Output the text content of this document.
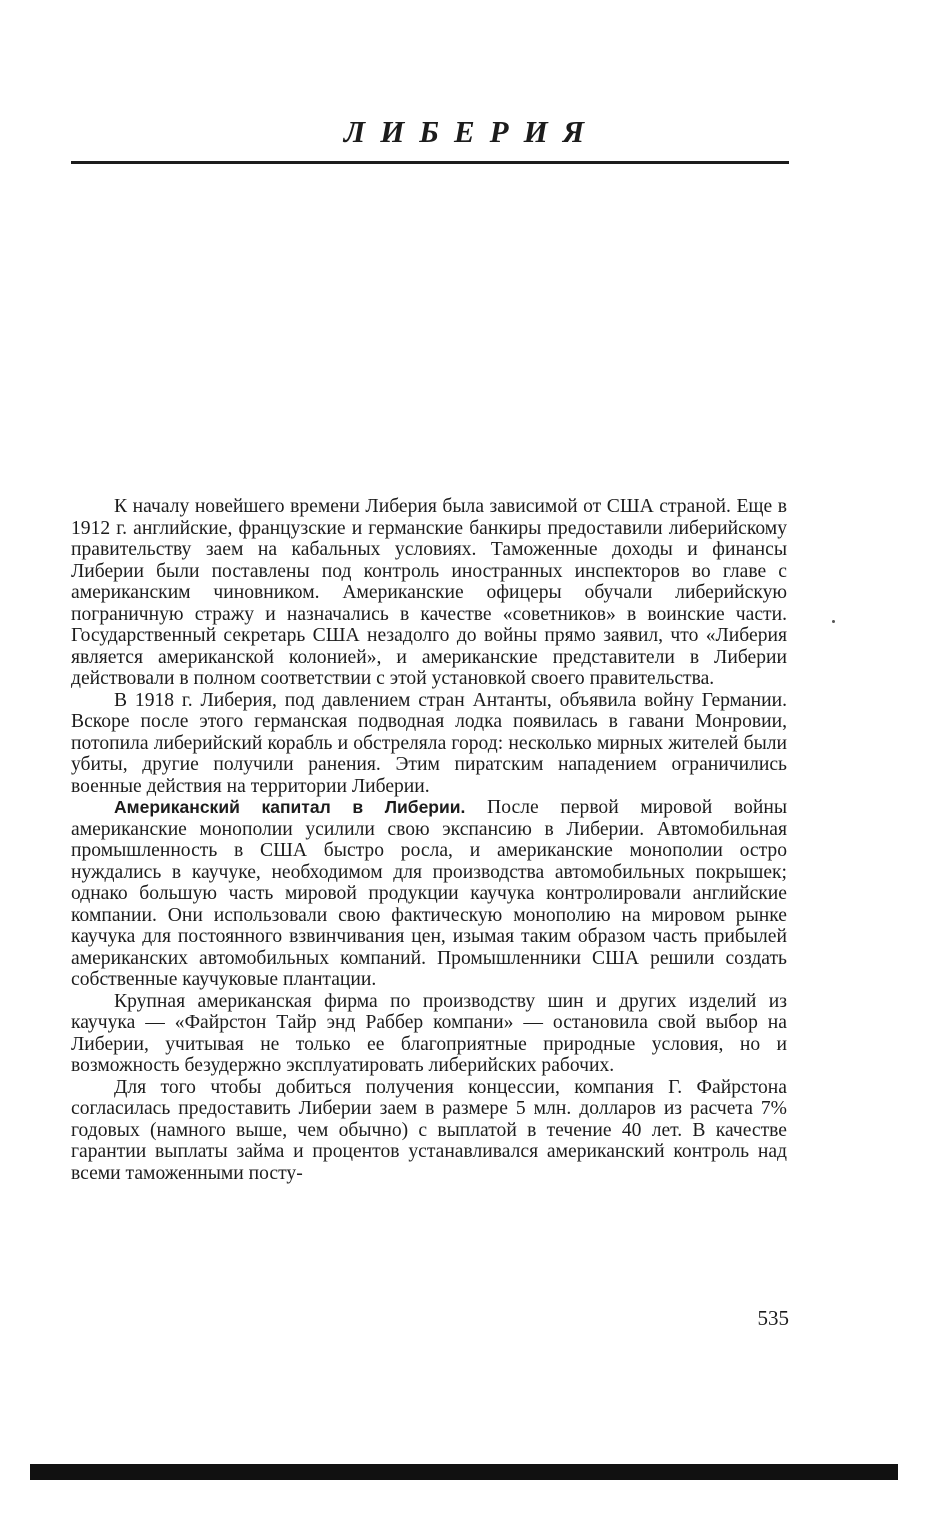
ЛИБЕРИЯ

К началу новейшего времени Либерия была зависимой от США страной. Еще в 1912 г. английские, французские и германские банкиры предоставили либерийскому правительству заем на кабальных условиях. Таможенные доходы и финансы Либерии были поставлены под контроль иностранных инспекторов во главе с американским чиновником. Американские офицеры обучали либерийскую пограничную стражу и назначались в качестве «советников» в воинские части. Государственный секретарь США незадолго до войны прямо заявил, что «Либерия является американской колонией», и американские представители в Либерии действовали в полном соответствии с этой установкой своего правительства.

В 1918 г. Либерия, под давлением стран Антанты, объявила войну Германии. Вскоре после этого германская подводная лодка появилась в гавани Монровии, потопила либерийский корабль и обстреляла город: несколько мирных жителей были убиты, другие получили ранения. Этим пиратским нападением ограничились военные действия на территории Либерии.

Американский капитал в Либерии. После первой мировой войны американские монополии усилили свою экспансию в Либерии. Автомобильная промышленность в США быстро росла, и американские монополии остро нуждались в каучуке, необходимом для производства автомобильных покрышек; однако большую часть мировой продукции каучука контролировали английские компании. Они использовали свою фактическую монополию на мировом рынке каучука для постоянного взвинчивания цен, изымая таким образом часть прибылей американских автомобильных компаний. Промышленники США решили создать собственные каучуковые плантации.

Крупная американская фирма по производству шин и других изделий из каучука — «Файрстон Тайр энд Раббер компани» — остановила свой выбор на Либерии, учитывая не только ее благоприятные природные условия, но и возможность безудержно эксплуатировать либерийских рабочих.

Для того чтобы добиться получения концессии, компания Г. Файрстона согласилась предоставить Либерии заем в размере 5 млн. долларов из расчета 7% годовых (намного выше, чем обычно) с выплатой в течение 40 лет. В качестве гарантии выплаты займа и процентов устанавливался американский контроль над всеми таможенными посту-

535
